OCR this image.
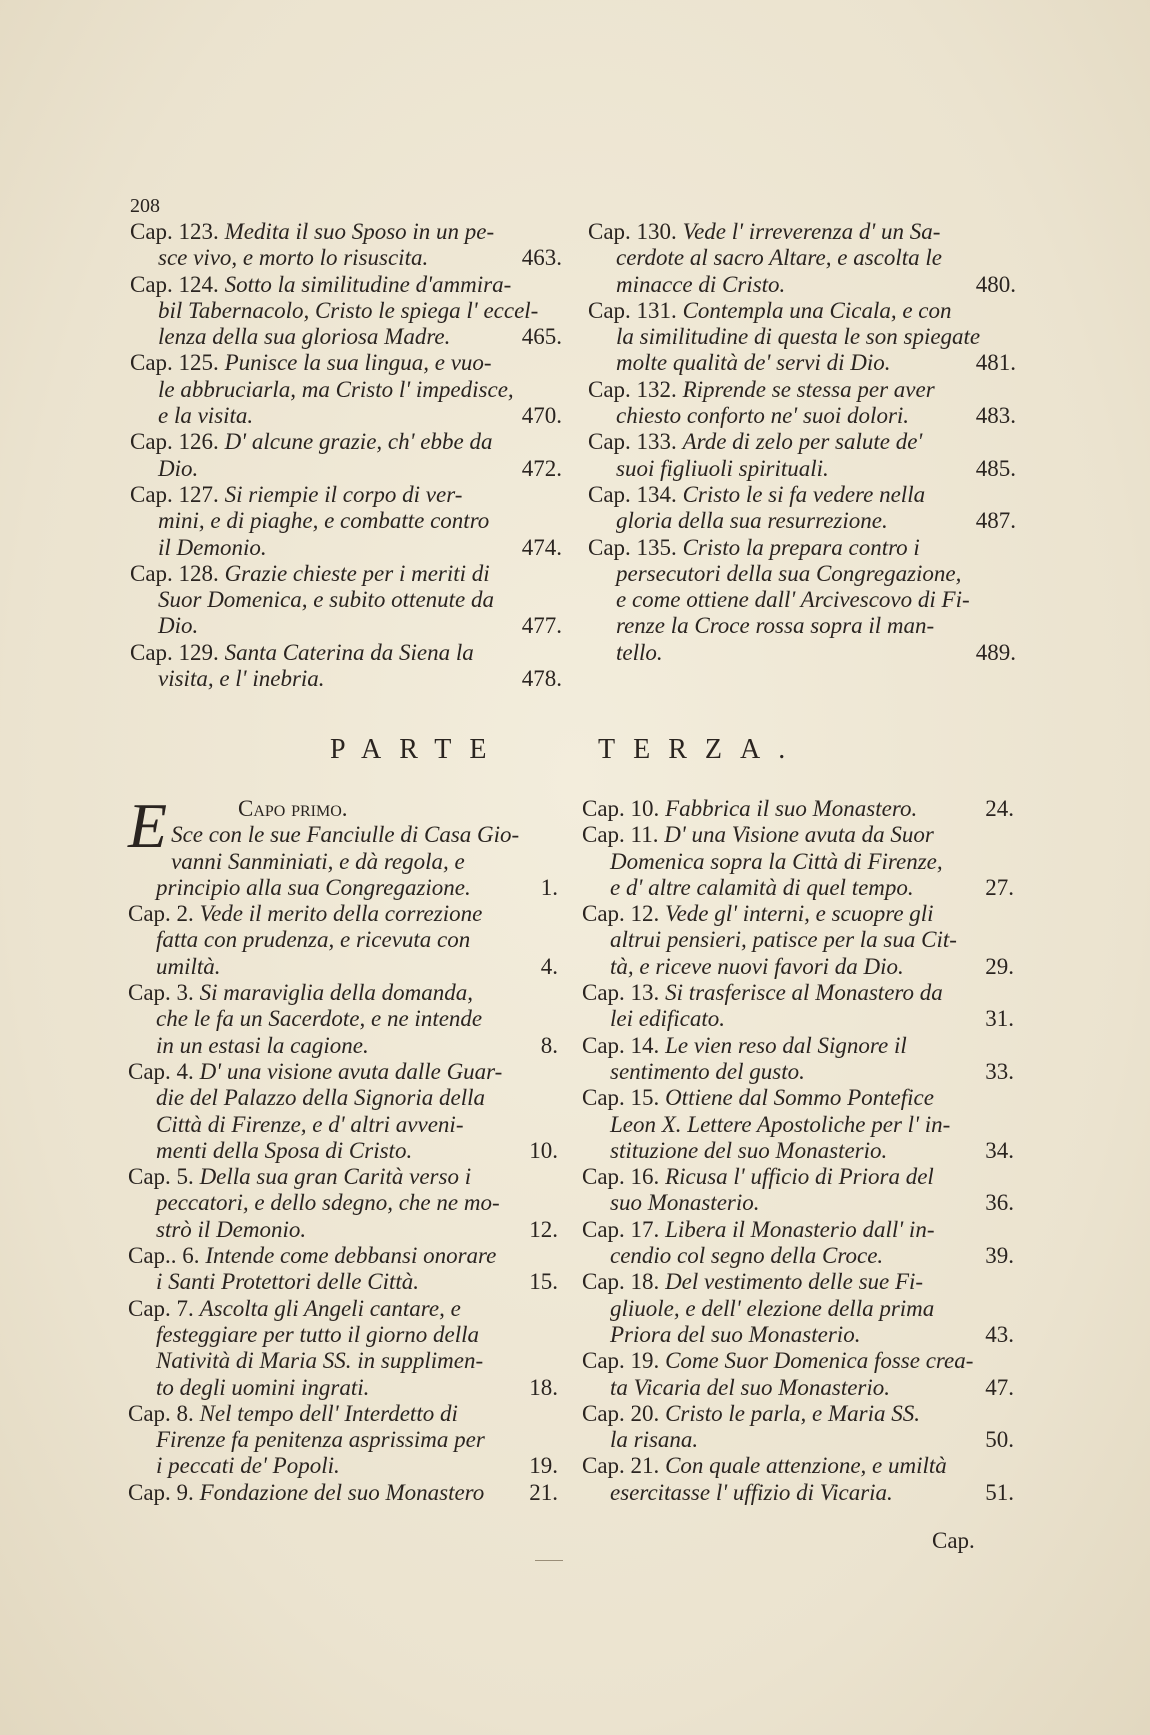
208
Cap. 123. Medita il suo Sposo in un pe-
sce vivo, e morto lo risuscita.	463.
Cap. 124. Sotto la similitudine d'ammira-
bil Tabernacolo, Cristo le spiega l' eccel-
lenza della sua gloriosa Madre.	465.
Cap. 125. Punisce la sua lingua, e vuo-
le abbruciarla, ma Cristo l' impedisce,
e la visita.	470.
Cap. 126. D' alcune grazie, ch' ebbe da
Dio.	472.
Cap. 127. Si riempie il corpo di ver-
mini, e di piaghe, e combatte contro
il Demonio.	474.
Cap. 128. Grazie chieste per i meriti di
Suor Domenica, e subito ottenute da
Dio.	477.
Cap. 129. Santa Caterina da Siena la
visita, e l' inebria.	478.
Cap. 130. Vede l' irreverenza d' un Sa-
cerdote al sacro Altare, e ascolta le
minacce di Cristo.	480.
Cap. 131. Contempla una Cicala, e con
la similitudine di questa le son spiegate
molte qualità de' servi di Dio.	481.
Cap. 132. Riprende se stessa per aver
chiesto conforto ne' suoi dolori.	483.
Cap. 133. Arde di zelo per salute de'
suoi figliuoli spirituali.	485.
Cap. 134. Cristo le si fa vedere nella
gloria della sua resurrezione.	487.
Cap. 135. Cristo la prepara contro i
persecutori della sua Congregazione,
e come ottiene dall' Arcivescovo di Fi-
renze la Croce rossa sopra il man-
tello.	489.
PARTE	TERZA.
E	Capo primo.
Sce con le sue Fanciulle di Casa Gio-
vanni Sanminiati, e dà regola, e
principio alla sua Congregazione.	1.
Cap. 2. Vede il merito della correzione
fatta con prudenza, e ricevuta con
umiltà.	4.
Cap. 3. Si maraviglia della domanda,
che le fa un Sacerdote, e ne intende
in un estasi la cagione.	8.
Cap. 4. D' una visione avuta dalle Guar-
die del Palazzo della Signoria della
Città di Firenze, e d' altri avveni-
menti della Sposa di Cristo.	10.
Cap. 5. Della sua gran Carità verso i
peccatori, e dello sdegno, che ne mo-
strò il Demonio.	12.
Cap.. 6. Intende come debbansi onorare
i Santi Protettori delle Città.	15.
Cap. 7. Ascolta gli Angeli cantare, e
festeggiare per tutto il giorno della
Natività di Maria SS. in supplimen-
to degli uomini ingrati.	18.
Cap. 8. Nel tempo dell' Interdetto di
Firenze fa penitenza asprissima per
i peccati de' Popoli.	19.
Cap. 9. Fondazione del suo Monastero 21.
Cap. 10. Fabbrica il suo Monastero.	24.
Cap. 11. D' una Visione avuta da Suor
Domenica sopra la Città di Firenze,
e d' altre calamità di quel tempo.	27.
Cap. 12. Vede gl' interni, e scuopre gli
altrui pensieri, patisce per la sua Cit-
tà, e riceve nuovi favori da Dio.	29.
Cap. 13. Si trasferisce al Monastero da
lei edificato.	31.
Cap. 14. Le vien reso dal Signore il
sentimento del gusto.	33.
Cap. 15. Ottiene dal Sommo Pontefice
Leon X. Lettere Apostoliche per l' in-
stituzione del suo Monasterio.	34.
Cap. 16. Ricusa l' ufficio di Priora del
suo Monasterio.	36.
Cap. 17. Libera il Monasterio dall' in-
cendio col segno della Croce.	39.
Cap. 18. Del vestimento delle sue Fi-
gliuole, e dell' elezione della prima
Priora del suo Monasterio.	43.
Cap. 19. Come Suor Domenica fosse crea-
ta Vicaria del suo Monasterio.	47.
Cap. 20. Cristo le parla, e Maria SS.
la risana.	50.
Cap. 21. Con quale attenzione, e umiltà
esercitasse l' uffizio di Vicaria.	51.
Cap.
